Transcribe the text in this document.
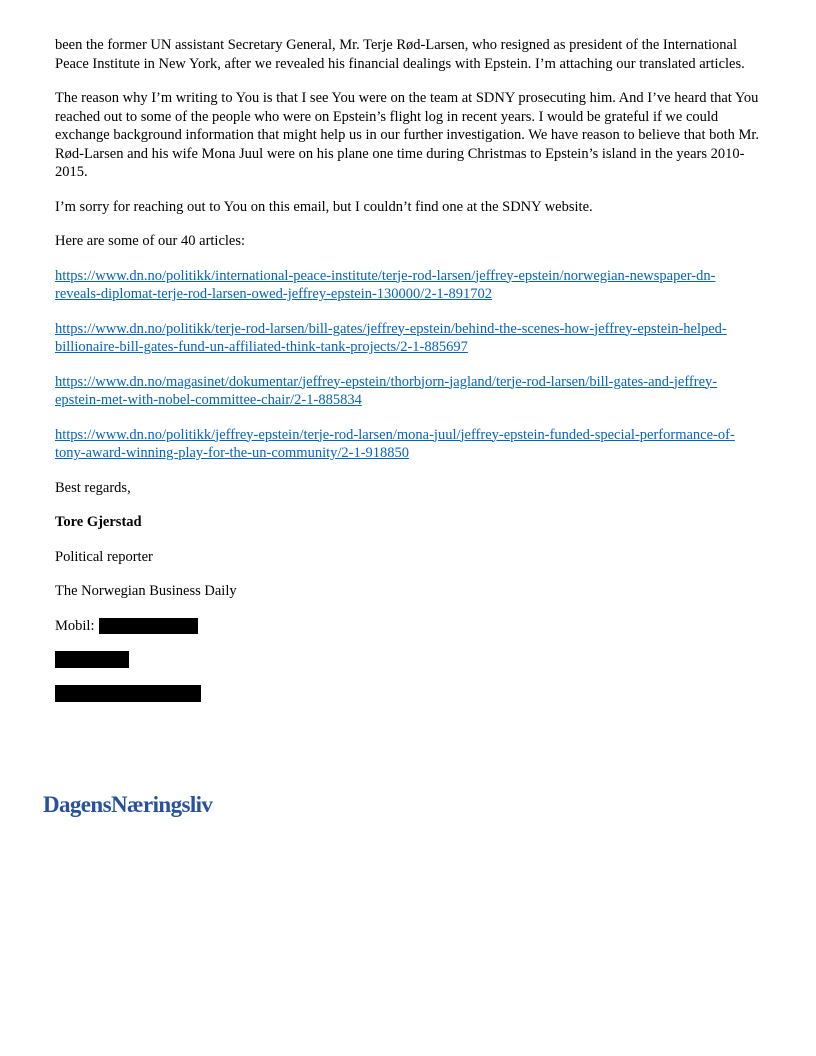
been the former UN assistant Secretary General, Mr. Terje Rød-Larsen, who resigned as president of the International Peace Institute in New York, after we revealed his financial dealings with Epstein. I’m attaching our translated articles.

The reason why I’m writing to You is that I see You were on the team at SDNY prosecuting him. And I’ve heard that You reached out to some of the people who were on Epstein’s flight log in recent years. I would be grateful if we could exchange background information that might help us in our further investigation. We have reason to believe that both Mr. Rød-Larsen and his wife Mona Juul were on his plane one time during Christmas to Epstein’s island in the years 2010-2015.

I’m sorry for reaching out to You on this email, but I couldn’t find one at the SDNY website.

Here are some of our 40 articles:

https://www.dn.no/politikk/international-peace-institute/terje-rod-larsen/jeffrey-epstein/norwegian-newspaper-dn-reveals-diplomat-terje-rod-larsen-owed-jeffrey-epstein-130000/2-1-891702

https://www.dn.no/politikk/terje-rod-larsen/bill-gates/jeffrey-epstein/behind-the-scenes-how-jeffrey-epstein-helped-billionaire-bill-gates-fund-un-affiliated-think-tank-projects/2-1-885697

https://www.dn.no/magasinet/dokumentar/jeffrey-epstein/thorbjorn-jagland/terje-rod-larsen/bill-gates-and-jeffrey-epstein-met-with-nobel-committee-chair/2-1-885834

https://www.dn.no/politikk/jeffrey-epstein/terje-rod-larsen/mona-juul/jeffrey-epstein-funded-special-performance-of-tony-award-winning-play-for-the-un-community/2-1-918850

Best regards,

Tore Gjerstad

Political reporter

The Norwegian Business Daily

Mobil:

DagensNæringsliv
